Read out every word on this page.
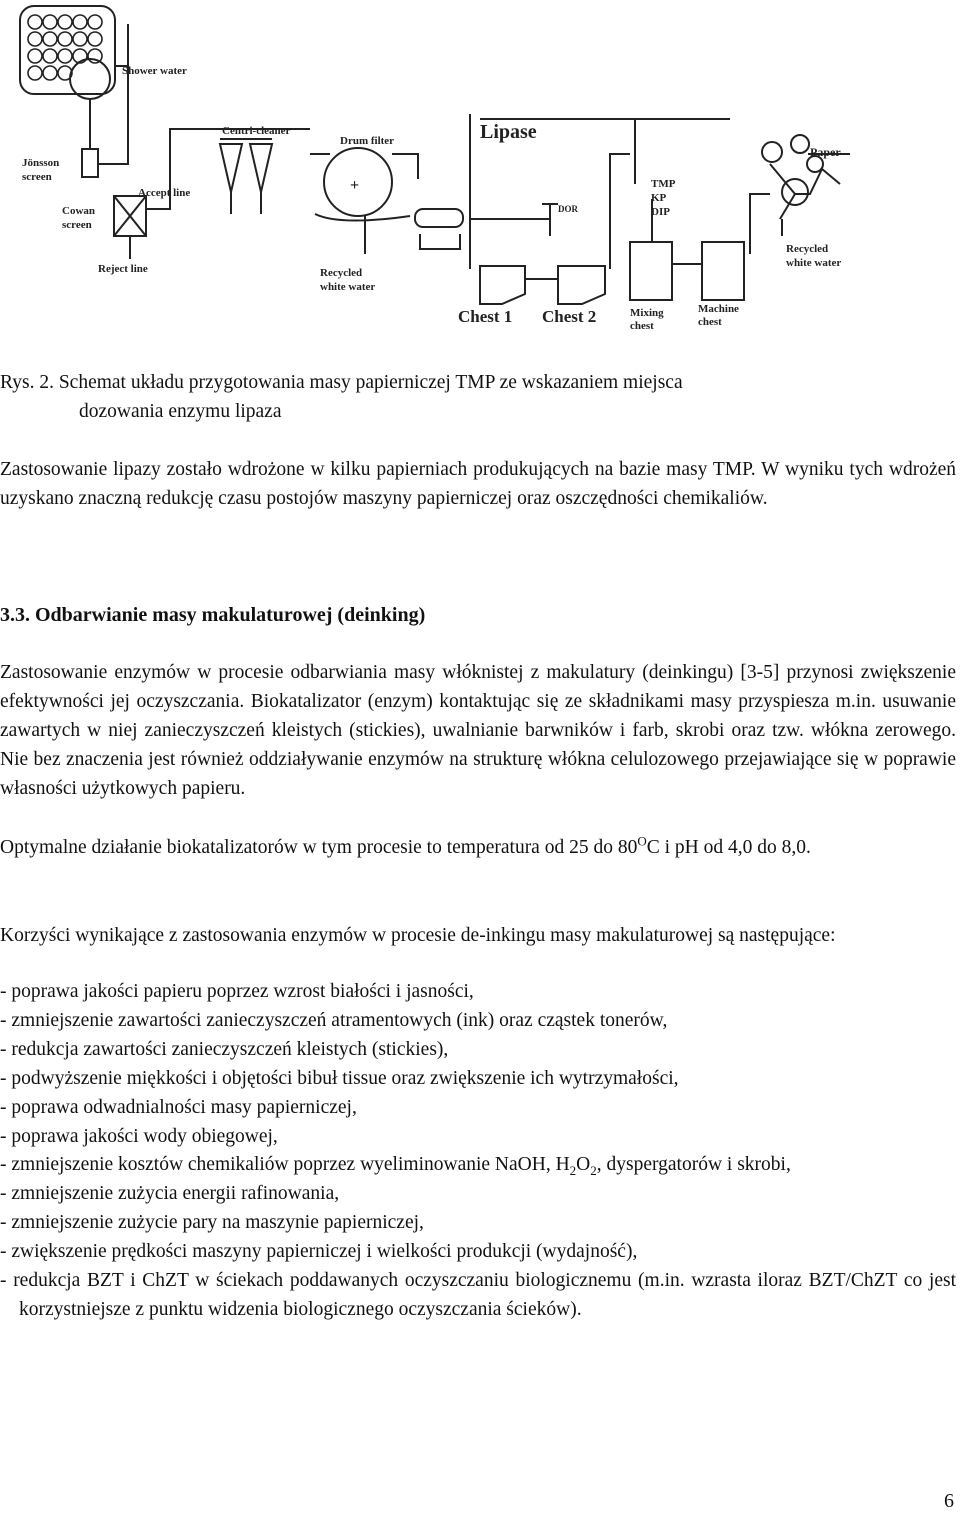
+
Shower water
Jönsson
screen
Centri-cleaner
Drum filter
Accept line
Cowan
screen
Reject line
DOR
TMP
KP
DIP
Recycled
white water
Recycled
white water
Mixing
chest
Machine
chest
Paper
Lipase
Chest 1 Chest 2
Rys. 2. Schemat układu przygotowania masy papierniczej TMP ze wskazaniem miejsca
dozowania enzymu lipaza

Zastosowanie lipazy zostało wdrożone w kilku papierniach produkujących na bazie masy TMP. W wyniku tych wdrożeń uzyskano znaczną redukcję czasu postojów maszyny papierniczej oraz oszczędności chemikaliów.

3.3. Odbarwianie masy makulaturowej (deinking)

Zastosowanie enzymów w procesie odbarwiania masy włóknistej z makulatury (deinkingu) [3-5] przynosi zwiększenie efektywności jej oczyszczania. Biokatalizator (enzym) kontaktując się ze składnikami masy przyspiesza m.in. usuwanie zawartych w niej zanieczyszczeń kleistych (stickies), uwalnianie barwników i farb, skrobi oraz tzw. włókna zerowego. Nie bez znaczenia jest również oddziaływanie enzymów na strukturę włókna celulozowego przejawiające się w poprawie własności użytkowych papieru.

Optymalne działanie biokatalizatorów w tym procesie to temperatura od 25 do $80^OC$ i pH od 4,0 do 8,0.

Korzyści wynikające z zastosowania enzymów w procesie de-inkingu masy makulaturowej są następujące:

- poprawa jakości papieru poprzez wzrost białości i jasności,
- zmniejszenie zawartości zanieczyszczeń atramentowych (ink) oraz cząstek tonerów,
- redukcja zawartości zanieczyszczeń kleistych (stickies),
- podwyższenie miękkości i objętości bibuł tissue oraz zwiększenie ich wytrzymałości,
- poprawa odwadnialności masy papierniczej,
- poprawa jakości wody obiegowej,
- zmniejszenie kosztów chemikaliów poprzez wyeliminowanie NaOH, $H_2O_2$, dyspergatorów i skrobi,
- zmniejszenie zużycia energii rafinowania,
- zmniejszenie zużycie pary na maszynie papierniczej,
- zwiększenie prędkości maszyny papierniczej i wielkości produkcji (wydajność),
- redukcja BZT i ChZT w ściekach poddawanych oczyszczaniu biologicznemu (m.in. wzrasta iloraz BZT/ChZT co jest korzystniejsze z punktu widzenia biologicznego oczyszczania ścieków).
6
